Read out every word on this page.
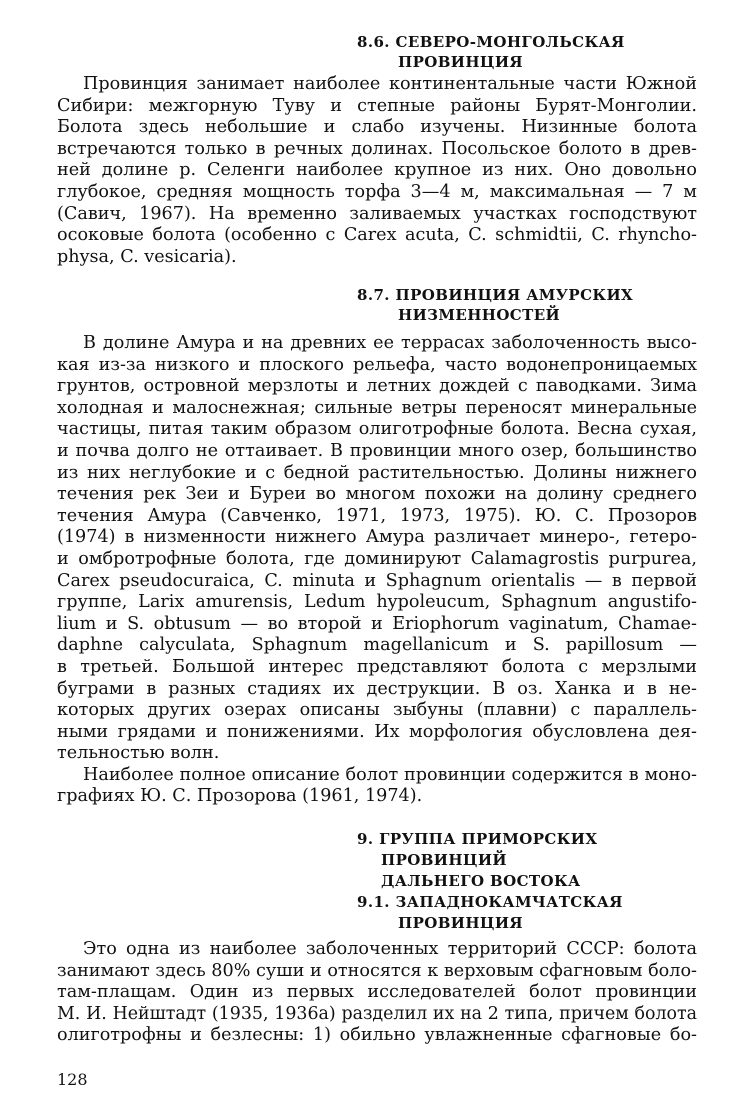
8.6. СЕВЕРО-МОНГОЛЬСКАЯ
ПРОВИНЦИЯ
Провинция занимает наиболее континентальные части Южной
Сибири: межгорную Туву и степные районы Бурят-Монголии.
Болота здесь небольшие и слабо изучены. Низинные болота
встречаются только в речных долинах. Посольское болото в древ-
ней долине р. Селенги наиболее крупное из них. Оно довольно
глубокое, средняя мощность торфа 3—4 м, максимальная — 7 м
(Савич, 1967). На временно заливаемых участках господствуют
осоковые болота (особенно с Carex acuta, C. schmidtii, C. rhyncho-
physa, C. vesicaria).
8.7. ПРОВИНЦИЯ АМУРСКИХ
НИЗМЕННОСТЕЙ
В долине Амура и на древних ее террасах заболоченность высо-
кая из-за низкого и плоского рельефа, часто водонепроницаемых
грунтов, островной мерзлоты и летних дождей с паводками. Зима
холодная и малоснежная; сильные ветры переносят минеральные
частицы, питая таким образом олиготрофные болота. Весна сухая,
и почва долго не оттаивает. В провинции много озер, большинство
из них неглубокие и с бедной растительностью. Долины нижнего
течения рек Зеи и Буреи во многом похожи на долину среднего
течения Амура (Савченко, 1971, 1973, 1975). Ю. С. Прозоров
(1974) в низменности нижнего Амура различает минеро-, гетеро-
и омбротрофные болота, где доминируют Calamagrostis purpurea,
Carex pseudocuraica, C. minuta и Sphagnum orientalis — в первой
группе, Larix amurensis, Ledum hypoleucum, Sphagnum angustifo-
lium и S. obtusum — во второй и Eriophorum vaginatum, Chamae-
daphne calyculata, Sphagnum magellanicum и S. papillosum —
в третьей. Большой интерес представляют болота с мерзлыми
буграми в разных стадиях их деструкции. В оз. Ханка и в не-
которых других озерах описаны зыбуны (плавни) с параллель-
ными грядами и понижениями. Их морфология обусловлена дея-
тельностью волн.
Наиболее полное описание болот провинции содержится в моно-
графиях Ю. С. Прозорова (1961, 1974).
9. ГРУППА ПРИМОРСКИХ
ПРОВИНЦИЙ
ДАЛЬНЕГО ВОСТОКА
9.1. ЗАПАДНОКАМЧАТСКАЯ
ПРОВИНЦИЯ
Это одна из наиболее заболоченных территорий СССР: болота
занимают здесь 80% суши и относятся к верховым сфагновым боло-
там-плащам. Один из первых исследователей болот провинции
М. И. Нейштадт (1935, 1936а) разделил их на 2 типа, причем болота
олиготрофны и безлесны: 1) обильно увлажненные сфагновые бо-
128
